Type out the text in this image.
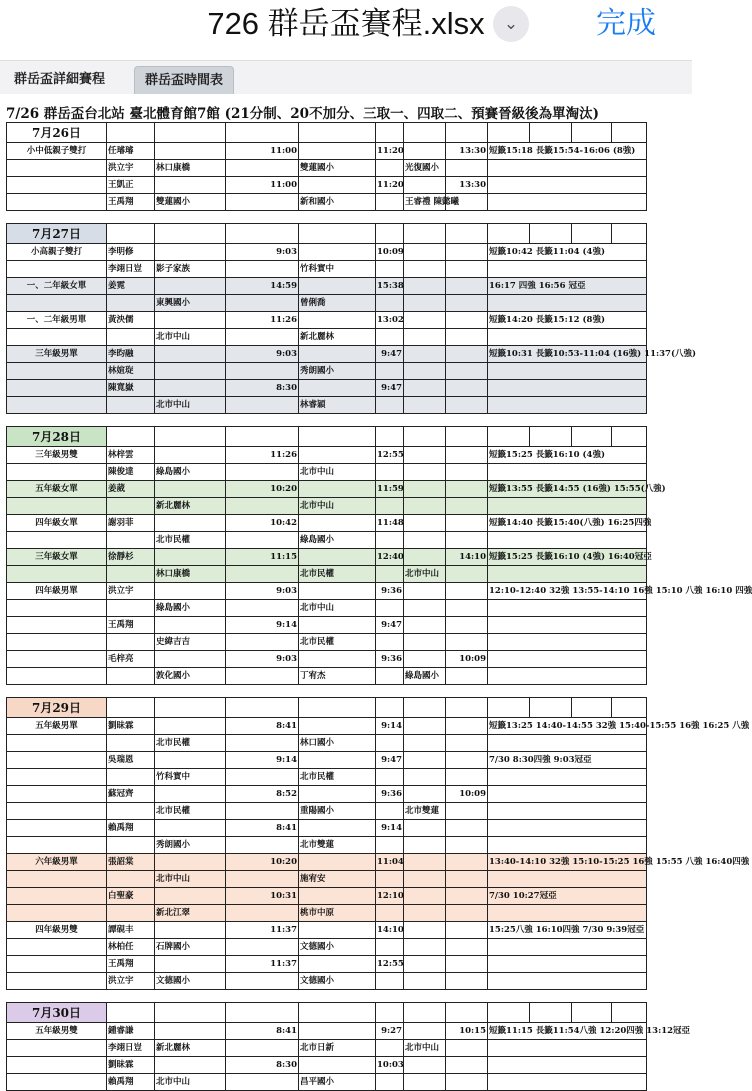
726 群岳盃賽程.xlsx	⌄	完成
群岳盃詳細賽程	群岳盃時間表
7/26 群岳盃台北站 臺北體育館7館 (21分制、20不加分、三取一、四取二、預賽晉級後為單淘汰)
7月26日											
小中低親子雙打	任璿璿		11:00		11:20		13:30	短籤15:18 長籤15:54-16:06 (8強)			
	洪立宇	林口康橋		雙蓮國小		光復國小					
	王凱正		11:00		11:20		13:30				
	王禹翔	雙蓮國小		新和國小		王睿禮 陳懿曦					

7月27日											
小高親子雙打	李明修		9:03		10:09			短籤10:42 長籤11:04 (4強)			
	李翊日豈	影子家族		竹科實中							
一、二年級女單	姜霓		14:59		15:38			16:17 四強 16:56 冠亞			
		東興國小		曾俐喬							
一、二年級男單	黃泱儒		11:26		13:02			短籤14:20 長籤15:12 (8強)			
		北市中山		新北麗林							
三年級男單	李昀融		9:03		9:47			短籤10:31 長籤10:53-11:04 (16強) 11:37(八強)			
	林媗琁			秀朗國小							
	陳寬嶽		8:30		9:47						
		北市中山		林睿穎							

7月28日											
三年級男雙	林梓雲		11:26		12:55			短籤15:25 長籤16:10 (4強)			
	陳俊達	綠島國小		北市中山							
五年級女單	姜葳		10:20		11:59			短籤13:55 長籤14:55 (16強) 15:55(八強)			
		新北麗林		北市中山							
四年級女單	謝羽菲		10:42		11:48			短籤14:40 長籤15:40(八強) 16:25四強			
		北市民權		綠島國小							
三年級女單	徐靜杉		11:15		12:40		14:10	短籤15:25 長籤16:10 (4強) 16:40冠亞			
		林口康橋		北市民權		北市中山					
四年級男單	洪立宇		9:03		9:36			12:10-12:40 32強 13:55-14:10 16強 15:10 八強 16:10 四強			
		綠島國小		北市中山							
	王禹翔		9:14		9:47						
		史緯吉吉		北市民權							
	毛梓亮		9:03		9:36		10:09				
		敦化國小		丁宥杰		綠島國小					

7月29日											
五年級男單	劉昧霖		8:41		9:14			短籤13:25 14:40-14:55 32強 15:40-15:55 16強 16:25 八強			
		北市民權		林口國小							
	吳瑞恩		9:14		9:47			7/30 8:30四強 9:03冠亞			
		竹科實中		北市民權							
	蘇冠齊		8:52		9:36		10:09				
		北市民權		重陽國小		北市雙蓮					
	賴禹翔		8:41		9:14						
		秀朗國小		北市雙蓮							
六年級男單	張詔棠		10:20		11:04			13:40-14:10 32強 15:10-15:25 16強 15:55 八強 16:40四強			
		北市中山		施宥安							
	白聖豪		10:31		12:10			7/30 10:27冠亞			
		新北江翠		桃市中原							
四年級男雙	譚硯丰		11:37		14:10			15:25八強 16:10四強 7/30 9:39冠亞			
	林柏任	石牌國小		文德國小							
	王禹翔		11:37		12:55						
	洪立宇	文德國小		文德國小							

7月30日											
五年級男雙	鍾睿謙		8:41		9:27		10:15	短籤11:15 長籤11:54八強 12:20四強 13:12冠亞			
	李翊日豈	新北麗林		北市日新		北市中山					
	劉昧霖		8:30		10:03						
	賴禹翔	北市中山		昌平國小							
